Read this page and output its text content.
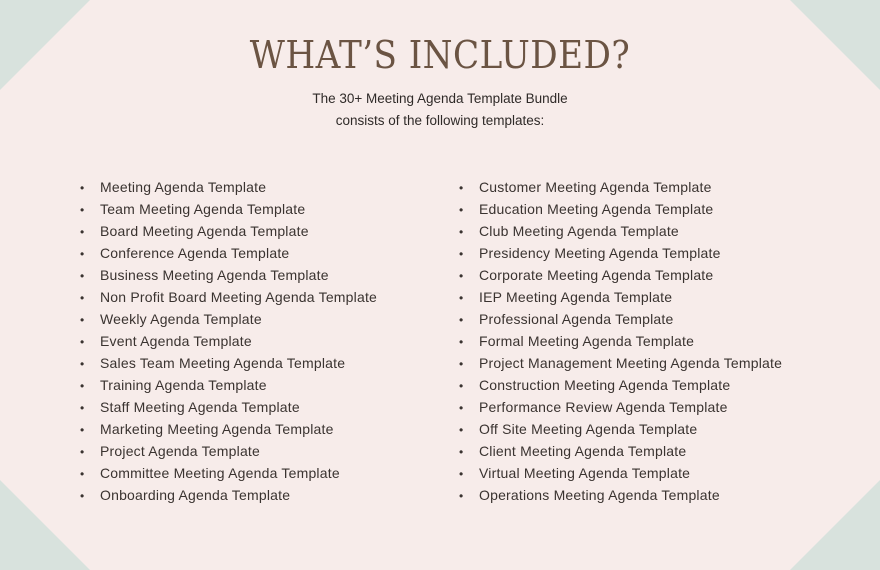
WHAT’S INCLUDED?
The 30+ Meeting Agenda Template Bundle
consists of the following templates:
• Meeting Agenda Template
• Team Meeting Agenda Template
• Board Meeting Agenda Template
• Conference Agenda Template
• Business Meeting Agenda Template
• Non Profit Board Meeting Agenda Template
• Weekly Agenda Template
• Event Agenda Template
• Sales Team Meeting Agenda Template
• Training Agenda Template
• Staff Meeting Agenda Template
• Marketing Meeting Agenda Template
• Project Agenda Template
• Committee Meeting Agenda Template
• Onboarding Agenda Template
• Customer Meeting Agenda Template
• Education Meeting Agenda Template
• Club Meeting Agenda Template
• Presidency Meeting Agenda Template
• Corporate Meeting Agenda Template
• IEP Meeting Agenda Template
• Professional Agenda Template
• Formal Meeting Agenda Template
• Project Management Meeting Agenda Template
• Construction Meeting Agenda Template
• Performance Review Agenda Template
• Off Site Meeting Agenda Template
• Client Meeting Agenda Template
• Virtual Meeting Agenda Template
• Operations Meeting Agenda Template
